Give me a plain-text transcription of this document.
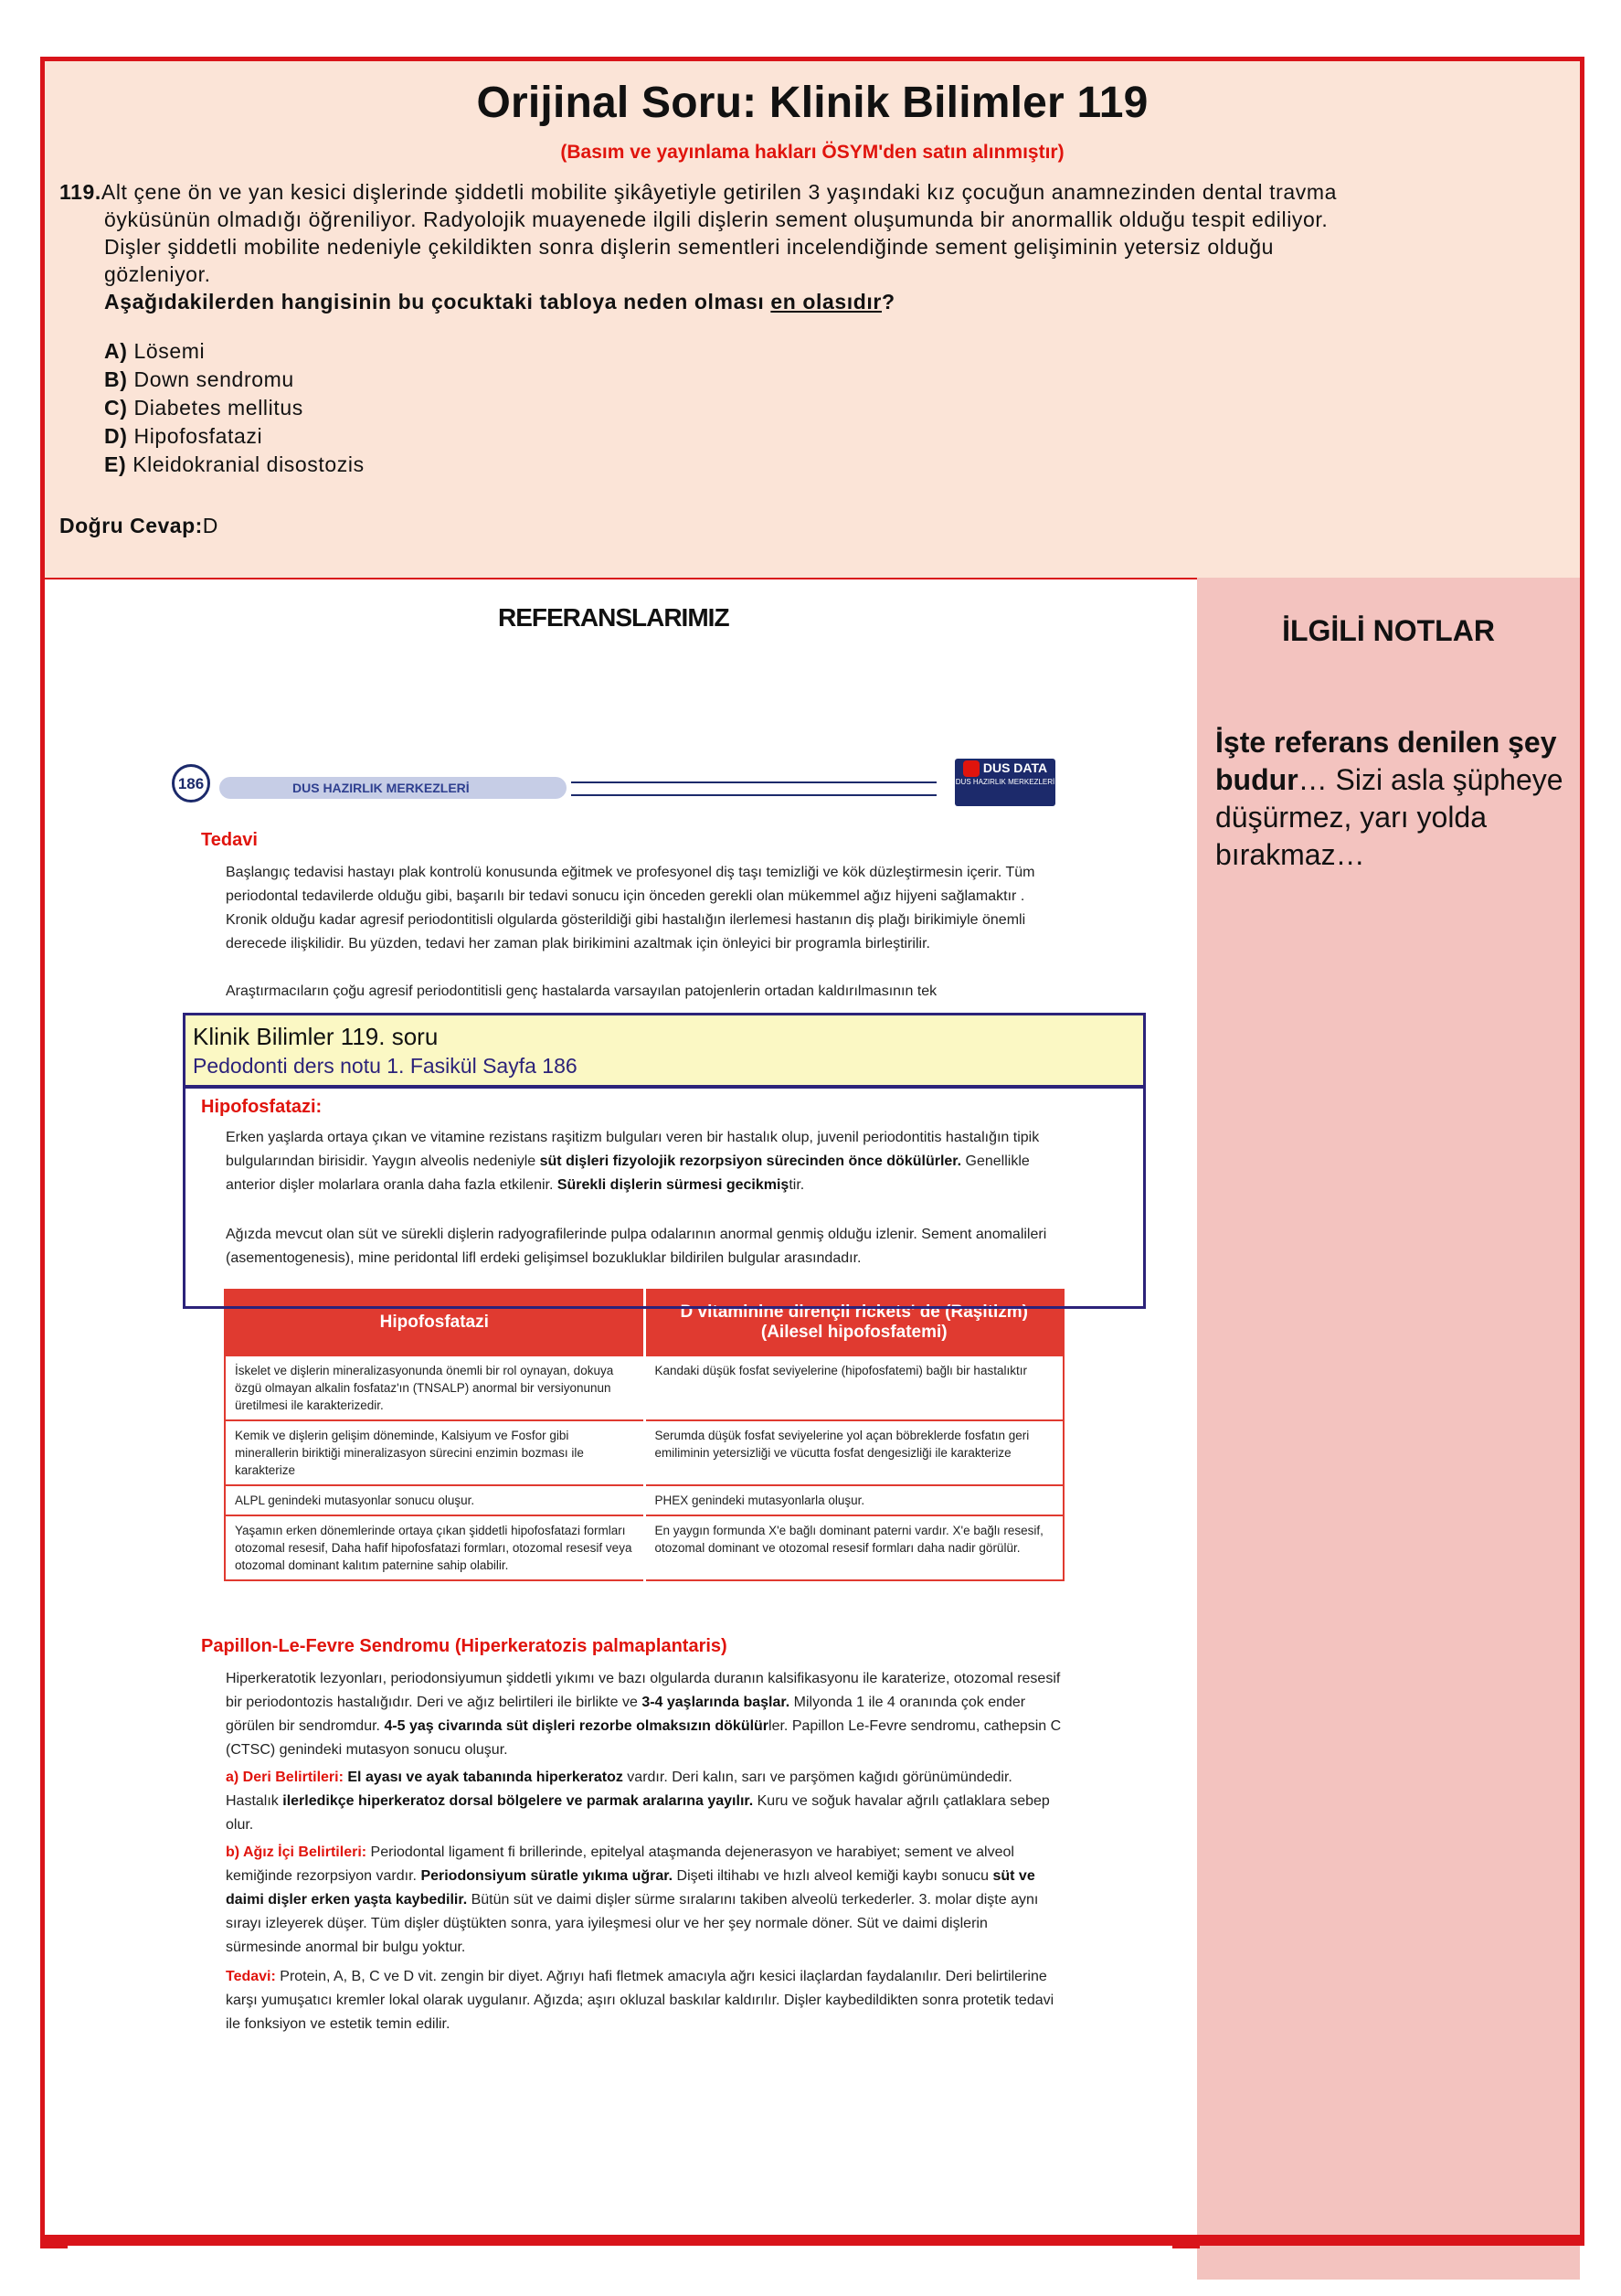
Orijinal Soru: Klinik Bilimler 119
(Basım ve yayınlama hakları ÖSYM'den satın alınmıştır)
119.Alt çene ön ve yan kesici dişlerinde şiddetli mobilite şikâyetiyle getirilen 3 yaşındaki kız çocuğun anamnezinden dental travma
öyküsünün olmadığı öğreniliyor. Radyolojik muayenede ilgili dişlerin sement oluşumunda bir anormallik olduğu tespit ediliyor.
Dişler şiddetli mobilite nedeniyle çekildikten sonra dişlerin sementleri incelendiğinde sement gelişiminin yetersiz olduğu
gözleniyor.
Aşağıdakilerden hangisinin bu çocuktaki tabloya neden olması en olasıdır?
A) Lösemi
B) Down sendromu
C) Diabetes mellitus
D) Hipofosfatazi
E) Kleidokranial disostozis
Doğru Cevap:D
REFERANSLARIMIZ	İLGİLİ NOTLAR
İşte referans denilen şey budur… Sizi asla şüpheye düşürmez, yarı yolda bırakmaz…
186	DUS HAZIRLIK MERKEZLERİ
DUS DATA
DUS HAZIRLIK MERKEZLERİ
Tedavi
Başlangıç tedavisi hastayı plak kontrolü konusunda eğitmek ve profesyonel diş taşı temizliği ve kök düzleştirmesin içerir. Tüm periodontal tedavilerde olduğu gibi, başarılı bir tedavi sonucu için önceden gerekli olan mükemmel ağız hijyeni sağlamaktır . Kronik olduğu kadar agresif periodontitisli olgularda gösterildiği gibi hastalığın ilerlemesi hastanın diş plağı birikimiyle önemli derecede ilişkilidir. Bu yüzden, tedavi her zaman plak birikimini azaltmak için önleyici bir programla birleştirilir.
Araştırmacıların çoğu agresif periodontitisli genç hastalarda varsayılan patojenlerin ortadan kaldırılmasının tek
Hipofosfatazi:
Erken yaşlarda ortaya çıkan ve vitamine rezistans raşitizm bulguları veren bir hastalık olup, juvenil periodontitis hastalığın tipik bulgularından birisidir. Yaygın alveolis nedeniyle süt dişleri fizyolojik rezorpsiyon sürecinden önce dökülürler. Genellikle anterior dişler molarlara oranla daha fazla etkilenir. Sürekli dişlerin sürmesi gecikmiştir.
Ağızda mevcut olan süt ve sürekli dişlerin radyografilerinde pulpa odalarının anormal genmiş olduğu izlenir. Sement anomalileri (asementogenesis), mine peridontal lifl erdeki gelişimsel bozukluklar bildirilen bulgular arasındadır.
Hipofosfatazi	D vitaminine dirençli rickets' de (Raşitizm) (Ailesel hipofosfatemi)
İskelet ve dişlerin mineralizasyonunda önemli bir rol oynayan, dokuya özgü olmayan alkalin fosfataz'ın (TNSALP) anormal bir versiyonunun üretilmesi ile karakterizedir.	Kandaki düşük fosfat seviyelerine (hipofosfatemi) bağlı bir hastalıktır
Kemik ve dişlerin gelişim döneminde, Kalsiyum ve Fosfor gibi minerallerin biriktiği mineralizasyon sürecini enzimin bozması ile karakterize	Serumda düşük fosfat seviyelerine yol açan böbreklerde fosfatın geri emiliminin yetersizliği ve vücutta fosfat dengesizliği ile karakterize
ALPL genindeki mutasyonlar sonucu oluşur.	PHEX genindeki mutasyonlarla oluşur.
Yaşamın erken dönemlerinde ortaya çıkan şiddetli hipofosfatazi formları otozomal resesif, Daha hafif hipofosfatazi formları, otozomal resesif veya otozomal dominant kalıtım paternine sahip olabilir.	En yaygın formunda X'e bağlı dominant paterni vardır. X'e bağlı resesif, otozomal dominant ve otozomal resesif formları daha nadir görülür.
Papillon-Le-Fevre Sendromu (Hiperkeratozis palmaplantaris)
Hiperkeratotik lezyonları, periodonsiyumun şiddetli yıkımı ve bazı olgularda duranın kalsifikasyonu ile karaterize, otozomal resesif bir periodontozis hastalığıdır. Deri ve ağız belirtileri ile birlikte ve 3-4 yaşlarında başlar. Milyonda 1 ile 4 oranında çok ender görülen bir sendromdur. 4-5 yaş civarında süt dişleri rezorbe olmaksızın dökülürler. Papillon Le-Fevre sendromu, cathepsin C (CTSC) genindeki mutasyon sonucu oluşur.
a) Deri Belirtileri: El ayası ve ayak tabanında hiperkeratoz vardır. Deri kalın, sarı ve parşömen kağıdı görünümündedir. Hastalık ilerledikçe hiperkeratoz dorsal bölgelere ve parmak aralarına yayılır. Kuru ve soğuk havalar ağrılı çatlaklara sebep olur.
b) Ağız İçi Belirtileri: Periodontal ligament fi brillerinde, epitelyal ataşmanda dejenerasyon ve harabiyet; sement ve alveol kemiğinde rezorpsiyon vardır. Periodonsiyum süratle yıkıma uğrar. Dişeti iltihabı ve hızlı alveol kemiği kaybı sonucu süt ve daimi dişler erken yaşta kaybedilir. Bütün süt ve daimi dişler sürme sıralarını takiben alveolü terkederler. 3. molar dişte aynı sırayı izleyerek düşer. Tüm dişler düştükten sonra, yara iyileşmesi olur ve her şey normale döner. Süt ve daimi dişlerin sürmesinde anormal bir bulgu yoktur.
Tedavi: Protein, A, B, C ve D vit. zengin bir diyet. Ağrıyı hafi fletmek amacıyla ağrı kesici ilaçlardan faydalanılır. Deri belirtilerine karşı yumuşatıcı kremler lokal olarak uygulanır. Ağızda; aşırı okluzal baskılar kaldırılır. Dişler kaybedildikten sonra protetik tedavi ile fonksiyon ve estetik temin edilir.
Klinik Bilimler 119. soru
Pedodonti ders notu 1. Fasikül Sayfa 186
